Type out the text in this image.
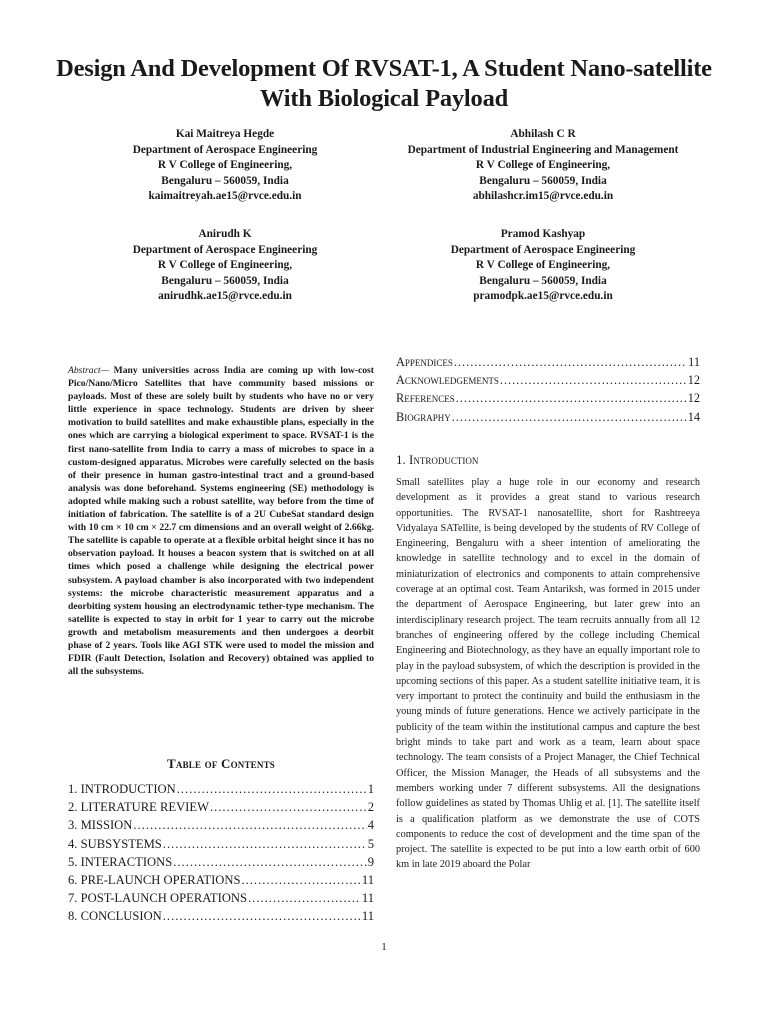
Design And Development Of RVSAT-1, A Student Nano-satellite With Biological Payload
Kai Maitreya Hegde
Department of Aerospace Engineering
R V College of Engineering,
Bengaluru – 560059, India
kaimaitreyah.ae15@rvce.edu.in
Abhilash C R
Department of Industrial Engineering and Management
R V College of Engineering,
Bengaluru – 560059, India
abhilashcr.im15@rvce.edu.in
Anirudh K
Department of Aerospace Engineering
R V College of Engineering,
Bengaluru – 560059, India
anirudhk.ae15@rvce.edu.in
Pramod Kashyap
Department of Aerospace Engineering
R V College of Engineering,
Bengaluru – 560059, India
pramodpk.ae15@rvce.edu.in
Abstract— Many universities across India are coming up with low-cost Pico/Nano/Micro Satellites that have community based missions or payloads. Most of these are solely built by students who have no or very little experience in space technology. Students are driven by sheer motivation to build satellites and make exhaustible plans, especially in the ones which are carrying a biological experiment to space. RVSAT-1 is the first nano-satellite from India to carry a mass of microbes to space in a custom-designed apparatus. Microbes were carefully selected on the basis of their presence in human gastro-intestinal tract and a ground-based analysis was done beforehand. Systems engineering (SE) methodology is adopted while making such a robust satellite, way before from the time of initiation of fabrication. The satellite is of a 2U CubeSat standard design with 10 cm × 10 cm × 22.7 cm dimensions and an overall weight of 2.66kg. The satellite is capable to operate at a flexible orbital height since it has no observation payload. It houses a beacon system that is switched on at all times which posed a challenge while designing the electrical power subsystem. A payload chamber is also incorporated with two independent systems: the microbe characteristic measurement apparatus and a deorbiting system housing an electrodynamic tether-type mechanism. The satellite is expected to stay in orbit for 1 year to carry out the microbe growth and metabolism measurements and then undergoes a deorbit phase of 2 years. Tools like AGI STK were used to model the mission and FDIR (Fault Detection, Isolation and Recovery) obtained was applied to all the subsystems.
Table of Contents
1. INTRODUCTION .....	1
2. LITERATURE REVIEW .....	2
3. MISSION .....	4
4. SUBSYSTEMS .....	5
5. INTERACTIONS .....	9
6. PRE-LAUNCH OPERATIONS .....	11
7. POST-LAUNCH OPERATIONS .....	11
8. CONCLUSION .....	11
Appendices .....	11
Acknowledgements .....	12
References .....	12
Biography .....	14
1. Introduction
Small satellites play a huge role in our economy and research development as it provides a great stand to various research opportunities. The RVSAT-1 nanosatellite, short for Rashtreeya Vidyalaya SATellite, is being developed by the students of RV College of Engineering, Bengaluru with a sheer intention of ameliorating the knowledge in satellite technology and to excel in the domain of miniaturization of electronics and components to attain comprehensive coverage at an optimal cost. Team Antariksh, was formed in 2015 under the department of Aerospace Engineering, but later grew into an interdisciplinary research project. The team recruits annually from all 12 branches of engineering offered by the college including Chemical Engineering and Biotechnology, as they have an equally important role to play in the payload subsystem, of which the description is provided in the upcoming sections of this paper. As a student satellite initiative team, it is very important to protect the continuity and build the enthusiasm in the young minds of future generations. Hence we actively participate in the publicity of the team within the institutional campus and capture the best bright minds to take part and work as a team, learn about space technology. The team consists of a Project Manager, the Chief Technical Officer, the Mission Manager, the Heads of all subsystems and the members working under 7 different subsystems. All the designations follow guidelines as stated by Thomas Uhlig et al. [1]. The satellite itself is a qualification platform as we demonstrate the use of COTS components to reduce the cost of development and the time span of the project. The satellite is expected to be put into a low earth orbit of 600 km in late 2019 aboard the Polar
1
